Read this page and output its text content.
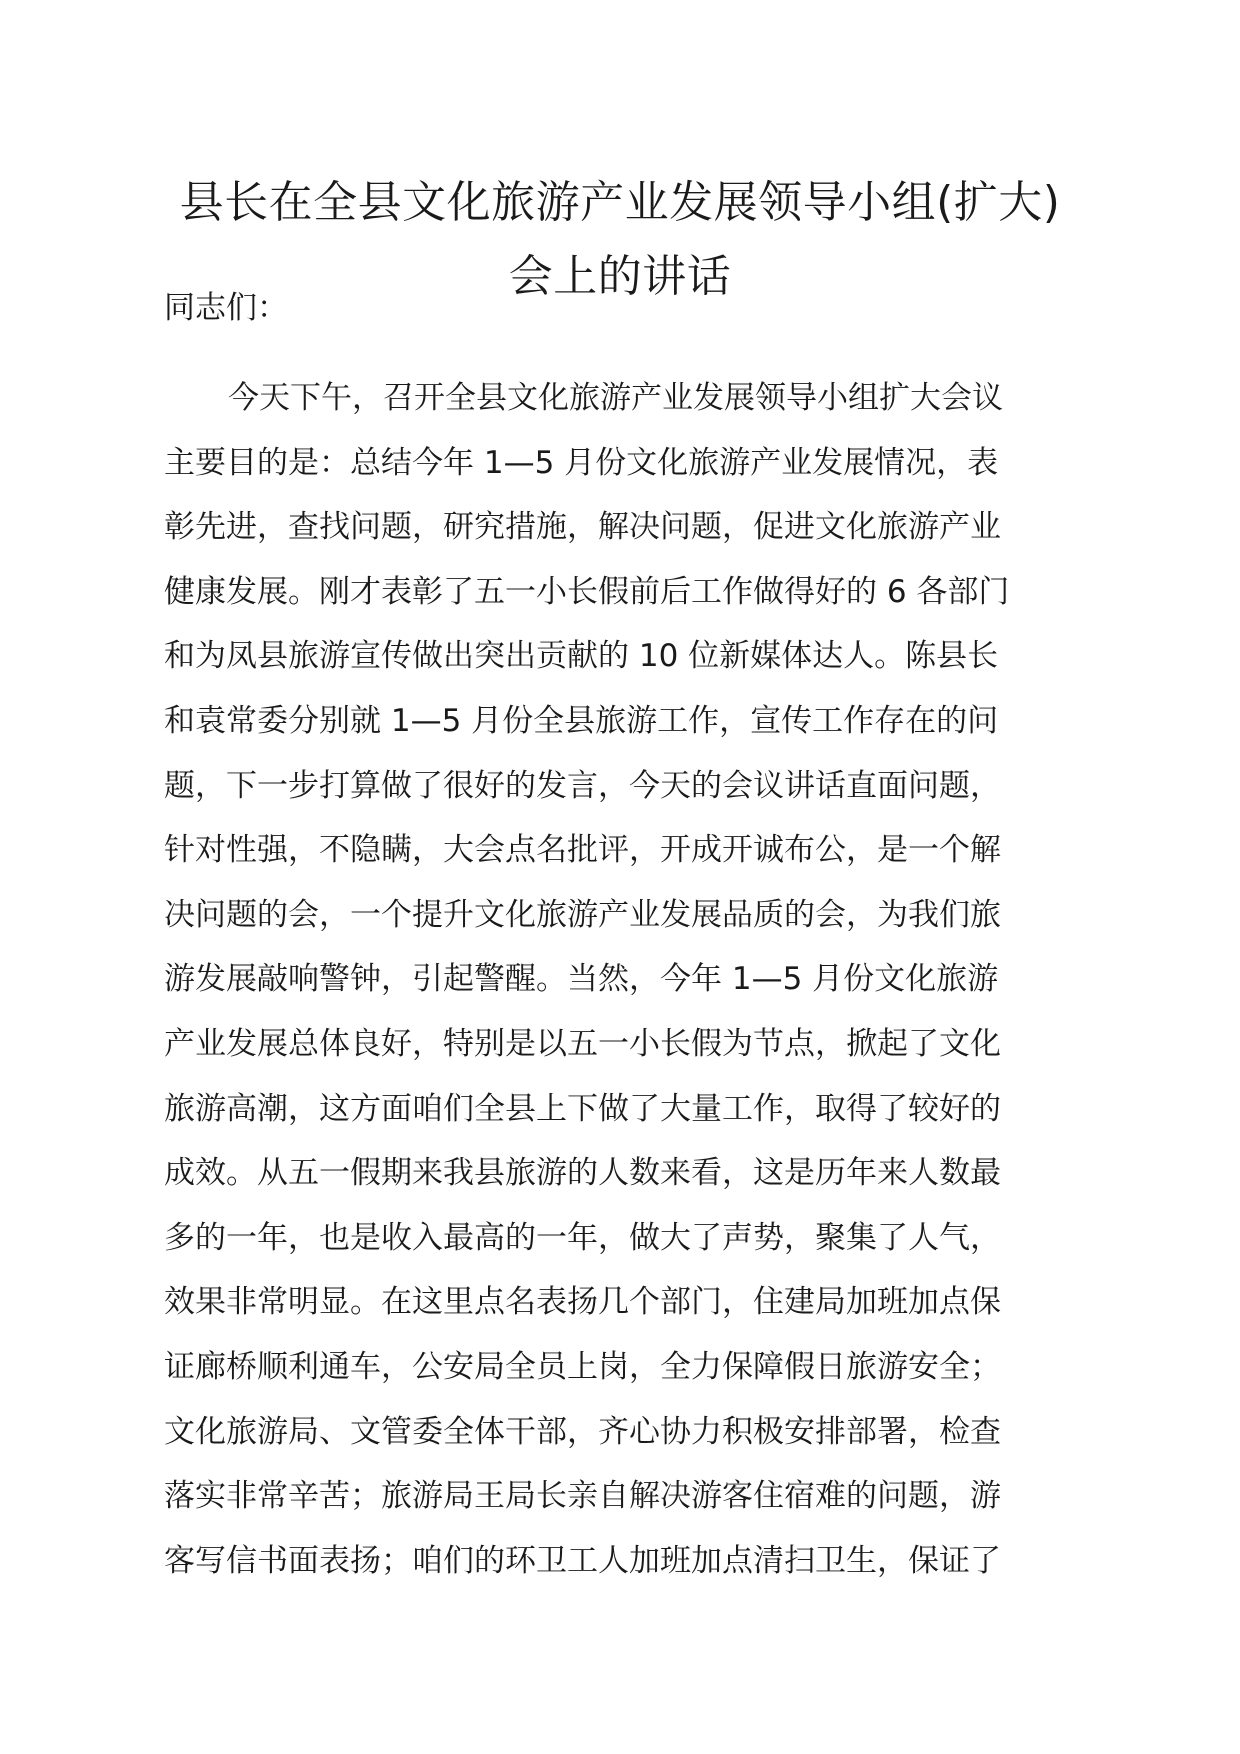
县长在全县文化旅游产业发展领导小组(扩大)
会上的讲话

同志们：

今天下午，召开全县文化旅游产业发展领导小组扩大会议
主要目的是：总结今年 1—5 月份文化旅游产业发展情况，表
彰先进，查找问题，研究措施，解决问题，促进文化旅游产业
健康发展。刚才表彰了五一小长假前后工作做得好的 6 各部门
和为凤县旅游宣传做出突出贡献的 10 位新媒体达人。陈县长
和袁常委分别就 1—5 月份全县旅游工作，宣传工作存在的问
题，下一步打算做了很好的发言，今天的会议讲话直面问题，
针对性强，不隐瞒，大会点名批评，开成开诚布公，是一个解
决问题的会，一个提升文化旅游产业发展品质的会，为我们旅
游发展敲响警钟，引起警醒。当然，今年 1—5 月份文化旅游
产业发展总体良好，特别是以五一小长假为节点，掀起了文化
旅游高潮，这方面咱们全县上下做了大量工作，取得了较好的
成效。从五一假期来我县旅游的人数来看，这是历年来人数最
多的一年，也是收入最高的一年，做大了声势，聚集了人气，
效果非常明显。在这里点名表扬几个部门，住建局加班加点保
证廊桥顺利通车，公安局全员上岗，全力保障假日旅游安全；
文化旅游局、文管委全体干部，齐心协力积极安排部署，检查
落实非常辛苦；旅游局王局长亲自解决游客住宿难的问题，游
客写信书面表扬；咱们的环卫工人加班加点清扫卫生，保证了
